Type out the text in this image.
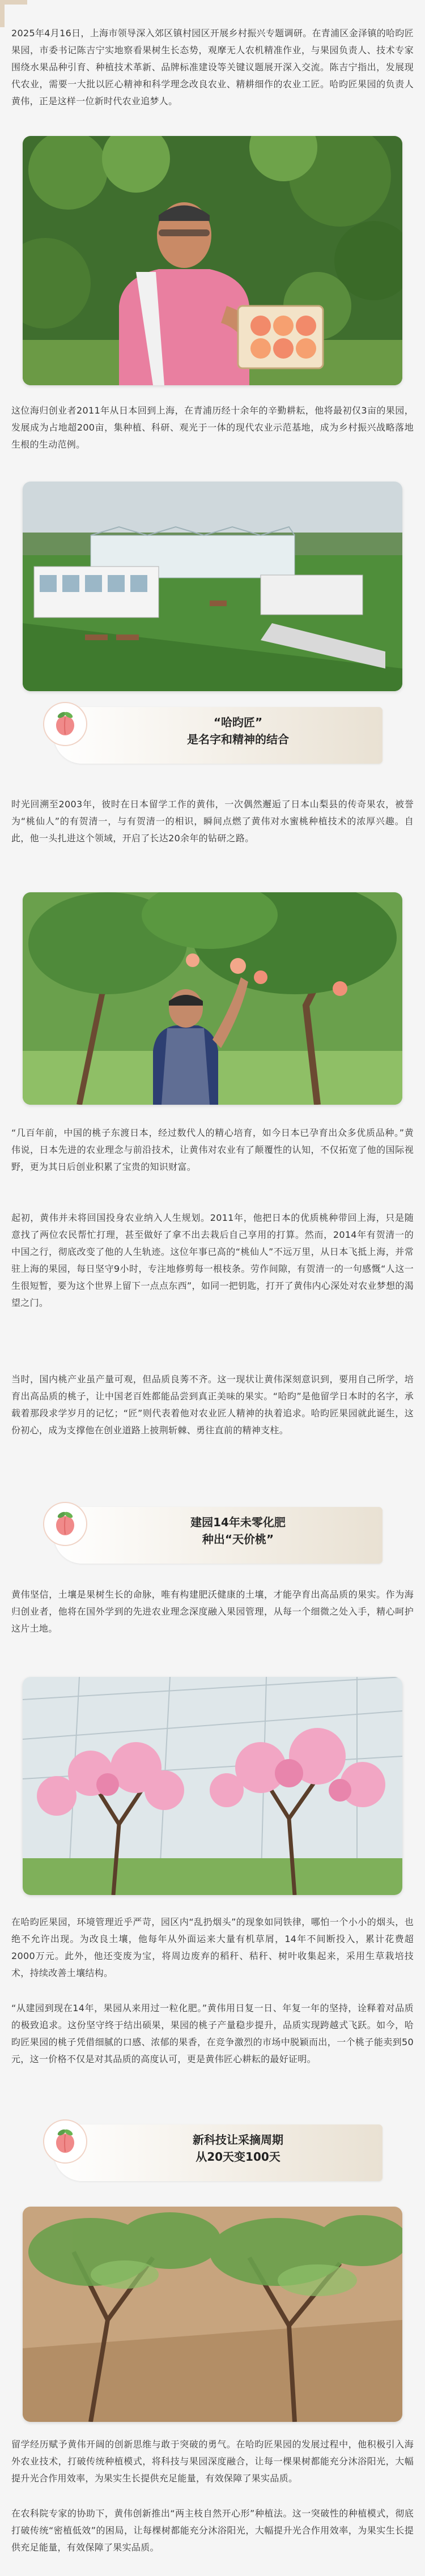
2025年4月16日，上海市领导深入郊区镇村园区开展乡村振兴专题调研。在青浦区金泽镇的哈昀匠果园，市委书记陈吉宁实地察看果树生长态势，观摩无人农机精准作业，与果园负责人、技术专家围绕水果品种引育、种植技术革新、品牌标准建设等关键议题展开深入交流。陈吉宁指出，发展现代农业，需要一大批以匠心精神和科学理念改良农业、精耕细作的农业工匠。哈昀匠果园的负责人黄伟，正是这样一位新时代农业追梦人。

这位海归创业者2011年从日本回到上海，在青浦历经十余年的辛勤耕耘，他将最初仅3亩的果园，发展成为占地超200亩，集种植、科研、观光于一体的现代农业示范基地，成为乡村振兴战略落地生根的生动范例。

“哈昀匠”
是名字和精神的结合

时光回溯至2003年，彼时在日本留学工作的黄伟，一次偶然邂逅了日本山梨县的传奇果农，被誉为“桃仙人”的有贺清一，与有贺清一的相识，瞬间点燃了黄伟对水蜜桃种植技术的浓厚兴趣。自此，他一头扎进这个领域，开启了长达20余年的钻研之路。

“几百年前，中国的桃子东渡日本，经过数代人的精心培育，如今日本已孕育出众多优质品种。”黄伟说，日本先进的农业理念与前沿技术，让黄伟对农业有了颠覆性的认知，不仅拓宽了他的国际视野，更为其日后创业积累了宝贵的知识财富。

起初，黄伟并未将回国投身农业纳入人生规划。2011年，他把日本的优质桃种带回上海，只是随意找了两位农民帮忙打理，甚至做好了拿不出去栽后自己享用的打算。然而，2014年有贺清一的中国之行，彻底改变了他的人生轨迹。这位年事已高的“桃仙人”不远万里，从日本飞抵上海，并常驻上海的果园，每日坚守9小时，专注地修剪每一根枝条。劳作间隙，有贺清一的一句感慨“人这一生很短暂，要为这个世界上留下一点点东西”，如同一把钥匙，打开了黄伟内心深处对农业梦想的渴望之门。

当时，国内桃产业虽产量可观，但品质良莠不齐。这一现状让黄伟深刻意识到，要用自己所学，培育出高品质的桃子，让中国老百姓都能品尝到真正美味的果实。“哈昀”是他留学日本时的名字，承载着那段求学岁月的记忆；“匠”则代表着他对农业匠人精神的执着追求。哈昀匠果园就此诞生，这份初心，成为支撑他在创业道路上披荆斩棘、勇往直前的精神支柱。

建园14年未零化肥
种出“天价桃”

黄伟坚信，土壤是果树生长的命脉，唯有构建肥沃健康的土壤，才能孕育出高品质的果实。作为海归创业者，他将在国外学到的先进农业理念深度融入果园管理，从每一个细微之处入手，精心呵护这片土地。

在哈昀匠果园，环境管理近乎严苛，园区内“乱扔烟头”的现象如同铁律，哪怕一个小小的烟头，也绝不允许出现。为改良土壤，他每年从外面运来大量有机草屑，14年不间断投入，累计花费超2000万元。此外，他还变废为宝，将周边废弃的稻秆、秸秆、树叶收集起来，采用生草栽培技术，持续改善土壤结构。

“从建园到现在14年，果园从来用过一粒化肥。”黄伟用日复一日、年复一年的坚持，诠释着对品质的极致追求。这份坚守终于结出硕果，果园的桃子产量稳步提升，品质实现跨越式飞跃。如今，哈昀匠果园的桃子凭借细腻的口感、浓郁的果香，在竞争激烈的市场中脱颖而出，一个桃子能卖到50元，这一价格不仅是对其品质的高度认可，更是黄伟匠心耕耘的最好证明。

新科技让采摘周期
从20天变100天

留学经历赋予黄伟开阔的创新思维与敢于突破的勇气。在哈昀匠果园的发展过程中，他积极引入海外农业技术，打破传统种植模式，将科技与果园深度融合，让每一棵果树都能充分沐浴阳光，大幅提升光合作用效率，为果实生长提供充足能量，有效保障了果实品质。

在农科院专家的协助下，黄伟创新推出“两主枝自然开心形”种植法。这一突破性的种植模式，彻底打破传统“密植低效”的困局，让每棵树都能充分沐浴阳光，大幅提升光合作用效率，为果实生长提供充足能量，有效保障了果实品质。
